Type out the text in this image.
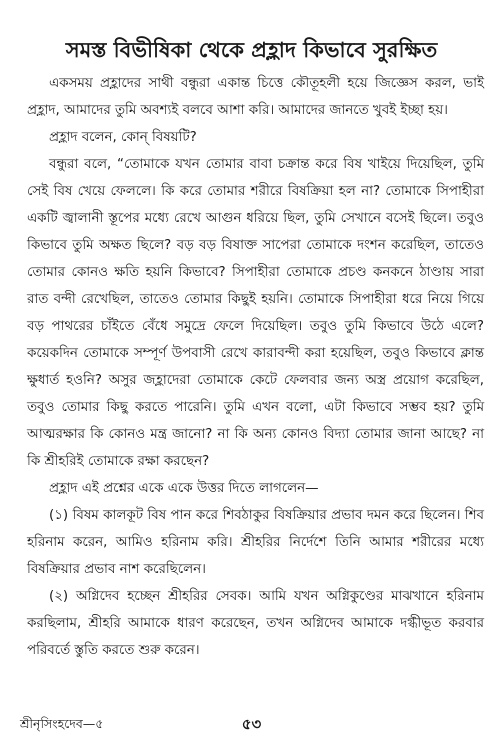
সমস্ত বিভীষিকা থেকে প্রহ্লাদ কিভাবে সুরক্ষিত

একসময় প্রহ্লাদের সাথী বন্ধুরা একান্ত চিত্তে কৌতূহলী হয়ে জিজ্ঞেস করল, ভাই প্রহ্লাদ, আমাদের তুমি অবশ্যই বলবে আশা করি। আমাদের জানতে খুবই ইচ্ছা হয়।

প্রহ্লাদ বলেন, কোন্ বিষয়টি?

বন্ধুরা বলে, “তোমাকে যখন তোমার বাবা চক্রান্ত করে বিষ খাইয়ে দিয়েছিল, তুমি সেই বিষ খেয়ে ফেললে। কি করে তোমার শরীরে বিষক্রিয়া হল না? তোমাকে সিপাহীরা একটি জ্বালানী স্তূপের মধ্যে রেখে আগুন ধরিয়ে ছিল, তুমি সেখানে বসেই ছিলে। তবুও কিভাবে তুমি অক্ষত ছিলে? বড় বড় বিষাক্ত সাপেরা তোমাকে দংশন করেছিল, তাতেও তোমার কোনও ক্ষতি হয়নি কিভাবে? সিপাহীরা তোমাকে প্রচণ্ড কনকনে ঠাণ্ডায় সারা রাত বন্দী রেখেছিল, তাতেও তোমার কিছুই হয়নি। তোমাকে সিপাহীরা ধরে নিয়ে গিয়ে বড় পাথরের চাঁইতে বেঁধে সমুদ্রে ফেলে দিয়েছিল। তবুও তুমি কিভাবে উঠে এলে? কয়েকদিন তোমাকে সম্পূর্ণ উপবাসী রেখে কারাবন্দী করা হয়েছিল, তবুও কিভাবে ক্লান্ত ক্ষুধার্ত হওনি? অসুর জহ্লাদেরা তোমাকে কেটে ফেলবার জন্য অস্ত্র প্রয়োগ করেছিল, তবুও তোমার কিছু করতে পারেনি। তুমি এখন বলো, এটা কিভাবে সম্ভব হয়? তুমি আত্মরক্ষার কি কোনও মন্ত্র জানো? না কি অন্য কোনও বিদ্যা তোমার জানা আছে? না কি শ্রীহরিই তোমাকে রক্ষা করছেন?

প্রহ্লাদ এই প্রশ্নের একে একে উত্তর দিতে লাগলেন—

(১) বিষম কালকূট বিষ পান করে শিবঠাকুর বিষক্রিয়ার প্রভাব দমন করে ছিলেন। শিব হরিনাম করেন, আমিও হরিনাম করি। শ্রীহরির নির্দেশে তিনি আমার শরীরের মধ্যে বিষক্রিয়ার প্রভাব নাশ করেছিলেন।

(২) অগ্নিদেব হচ্ছেন শ্রীহরির সেবক। আমি যখন অগ্নিকুণ্ডের মাঝখানে হরিনাম করছিলাম, শ্রীহরি আমাকে ধারণ করেছেন, তখন অগ্নিদেব আমাকে দগ্ধীভূত করবার পরিবর্তে স্তুতি করতে শুরু করেন।

শ্রীনৃসিংহদেব—৫	৫৩
